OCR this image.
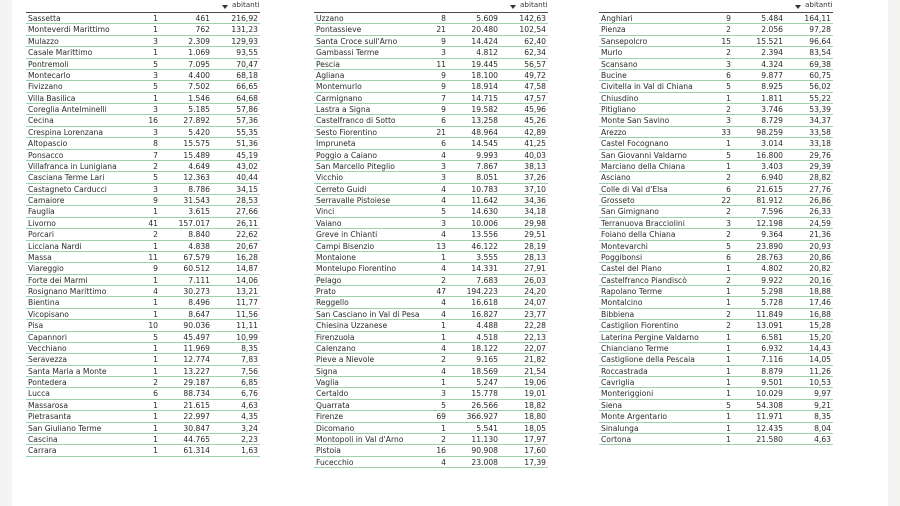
abitanti
Sassetta	1	461	216,92
Monteverdi Marittimo	1	762	131,23
Mulazzo	3	2.309	129,93
Casale Marittimo	1	1.069	93,55
Pontremoli	5	7.095	70,47
Montecarlo	3	4.400	68,18
Fivizzano	5	7.502	66,65
Villa Basilica	1	1.546	64,68
Coreglia Antelminelli	3	5.185	57,86
Cecina	16	27.892	57,36
Crespina Lorenzana	3	5.420	55,35
Altopascio	8	15.575	51,36
Ponsacco	7	15.489	45,19
Villafranca in Lunigiana	2	4.649	43,02
Casciana Terme Lari	5	12.363	40,44
Castagneto Carducci	3	8.786	34,15
Camaiore	9	31.543	28,53
Fauglia	1	3.615	27,66
Livorno	41	157.017	26,11
Porcari	2	8.840	22,62
Licciana Nardi	1	4.838	20,67
Massa	11	67.579	16,28
Viareggio	9	60.512	14,87
Forte dei Marmi	1	7.111	14,06
Rosignano Marittimo	4	30.273	13,21
Bientina	1	8.496	11,77
Vicopisano	1	8.647	11,56
Pisa	10	90.036	11,11
Capannori	5	45.497	10,99
Vecchiano	1	11.969	8,35
Seravezza	1	12.774	7,83
Santa Maria a Monte	1	13.227	7,56
Pontedera	2	29.187	6,85
Lucca	6	88.734	6,76
Massarosa	1	21.615	4,63
Pietrasanta	1	22.997	4,35
San Giuliano Terme	1	30.847	3,24
Cascina	1	44.765	2,23
Carrara	1	61.314	1,63
abitanti
Uzzano	8	5.609	142,63
Pontassieve	21	20.480	102,54
Santa Croce sull'Arno	9	14.424	62,40
Gambassi Terme	3	4.812	62,34
Pescia	11	19.445	56,57
Agliana	9	18.100	49,72
Montemurlo	9	18.914	47,58
Carmignano	7	14.715	47,57
Lastra a Signa	9	19.582	45,96
Castelfranco di Sotto	6	13.258	45,26
Sesto Fiorentino	21	48.964	42,89
Impruneta	6	14.545	41,25
Poggio a Caiano	4	9.993	40,03
San Marcello Piteglio	3	7.867	38,13
Vicchio	3	8.051	37,26
Cerreto Guidi	4	10.783	37,10
Serravalle Pistoiese	4	11.642	34,36
Vinci	5	14.630	34,18
Vaiano	3	10.006	29,98
Greve in Chianti	4	13.556	29,51
Campi Bisenzio	13	46.122	28,19
Montaione	1	3.555	28,13
Montelupo Fiorentino	4	14.331	27,91
Pelago	2	7.683	26,03
Prato	47	194.223	24,20
Reggello	4	16.618	24,07
San Casciano in Val di Pesa	4	16.827	23,77
Chiesina Uzzanese	1	4.488	22,28
Firenzuola	1	4.518	22,13
Calenzano	4	18.122	22,07
Pieve a Nievole	2	9.165	21,82
Signa	4	18.569	21,54
Vaglia	1	5.247	19,06
Certaldo	3	15.778	19,01
Quarrata	5	26.566	18,82
Firenze	69	366.927	18,80
Dicomano	1	5.541	18,05
Montopoli in Val d'Arno	2	11.130	17,97
Pistoia	16	90.908	17,60
Fucecchio	4	23.008	17,39
abitanti
Anghiari	9	5.484	164,11
Pienza	2	2.056	97,28
Sansepolcro	15	15.521	96,64
Murlo	2	2.394	83,54
Scansano	3	4.324	69,38
Bucine	6	9.877	60,75
Civitella in Val di Chiana	5	8.925	56,02
Chiusdino	1	1.811	55,22
Pitigliano	2	3.746	53,39
Monte San Savino	3	8.729	34,37
Arezzo	33	98.259	33,58
Castel Focognano	1	3.014	33,18
San Giovanni Valdarno	5	16.800	29,76
Marciano della Chiana	1	3.403	29,39
Asciano	2	6.940	28,82
Colle di Val d'Elsa	6	21.615	27,76
Grosseto	22	81.912	26,86
San Gimignano	2	7.596	26,33
Terranuova Bracciolini	3	12.198	24,59
Foiano della Chiana	2	9.364	21,36
Montevarchi	5	23.890	20,93
Poggibonsi	6	28.763	20,86
Castel del Piano	1	4.802	20,82
Castelfranco Piandiscò	2	9.922	20,16
Rapolano Terme	1	5.298	18,88
Montalcino	1	5.728	17,46
Bibbiena	2	11.849	16,88
Castiglion Fiorentino	2	13.091	15,28
Laterina Pergine Valdarno	1	6.581	15,20
Chianciano Terme	1	6.932	14,43
Castiglione della Pescaia	1	7.116	14,05
Roccastrada	1	8.879	11,26
Cavriglia	1	9.501	10,53
Monteriggioni	1	10.029	9,97
Siena	5	54.308	9,21
Monte Argentario	1	11.971	8,35
Sinalunga	1	12.435	8,04
Cortona	1	21.580	4,63
